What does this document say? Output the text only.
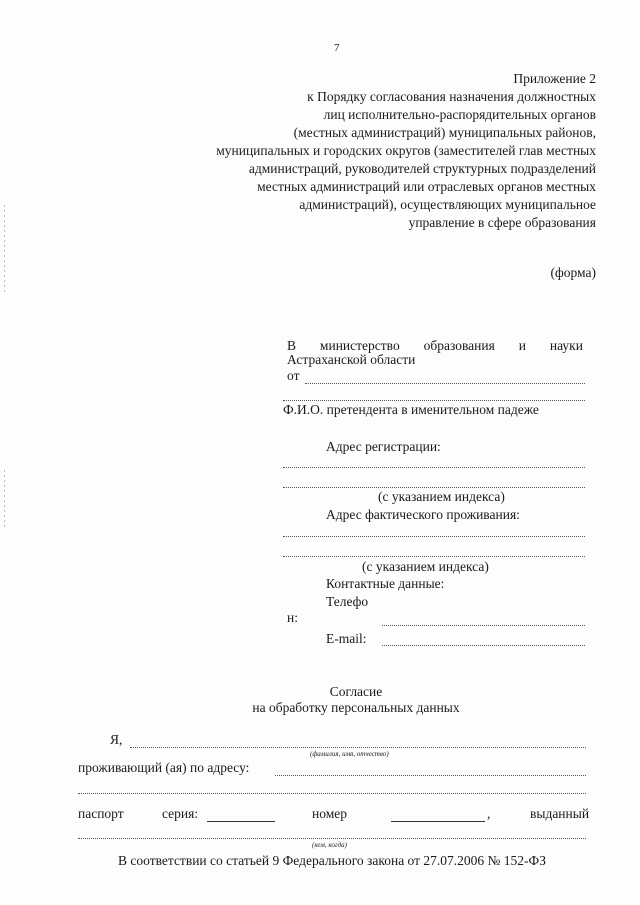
7
Приложение 2
к Порядку согласования назначения должностных
лиц исполнительно-распорядительных органов
(местных администраций) муниципальных районов,
муниципальных и городских округов (заместителей глав местных
администраций, руководителей структурных подразделений
местных администраций или отраслевых органов местных
администраций), осуществляющих муниципальное
управление в сфере образования
(форма)
В министерство образования и науки
Астраханской области
от
Ф.И.О. претендента в именительном падеже
Адрес регистрации:
(с указанием индекса)
Адрес фактического проживания:
(с указанием индекса)
Контактные данные:
Телефо
н:
E-mail:
Согласие
на обработку персональных данных
Я,
(фамилия, имя, отчество)
проживающий (ая) по адресу:
паспорт	серия:	номер	,	выданный
(кем, когда)
В соответствии со статьей 9 Федерального закона от 27.07.2006 № 152-ФЗ
